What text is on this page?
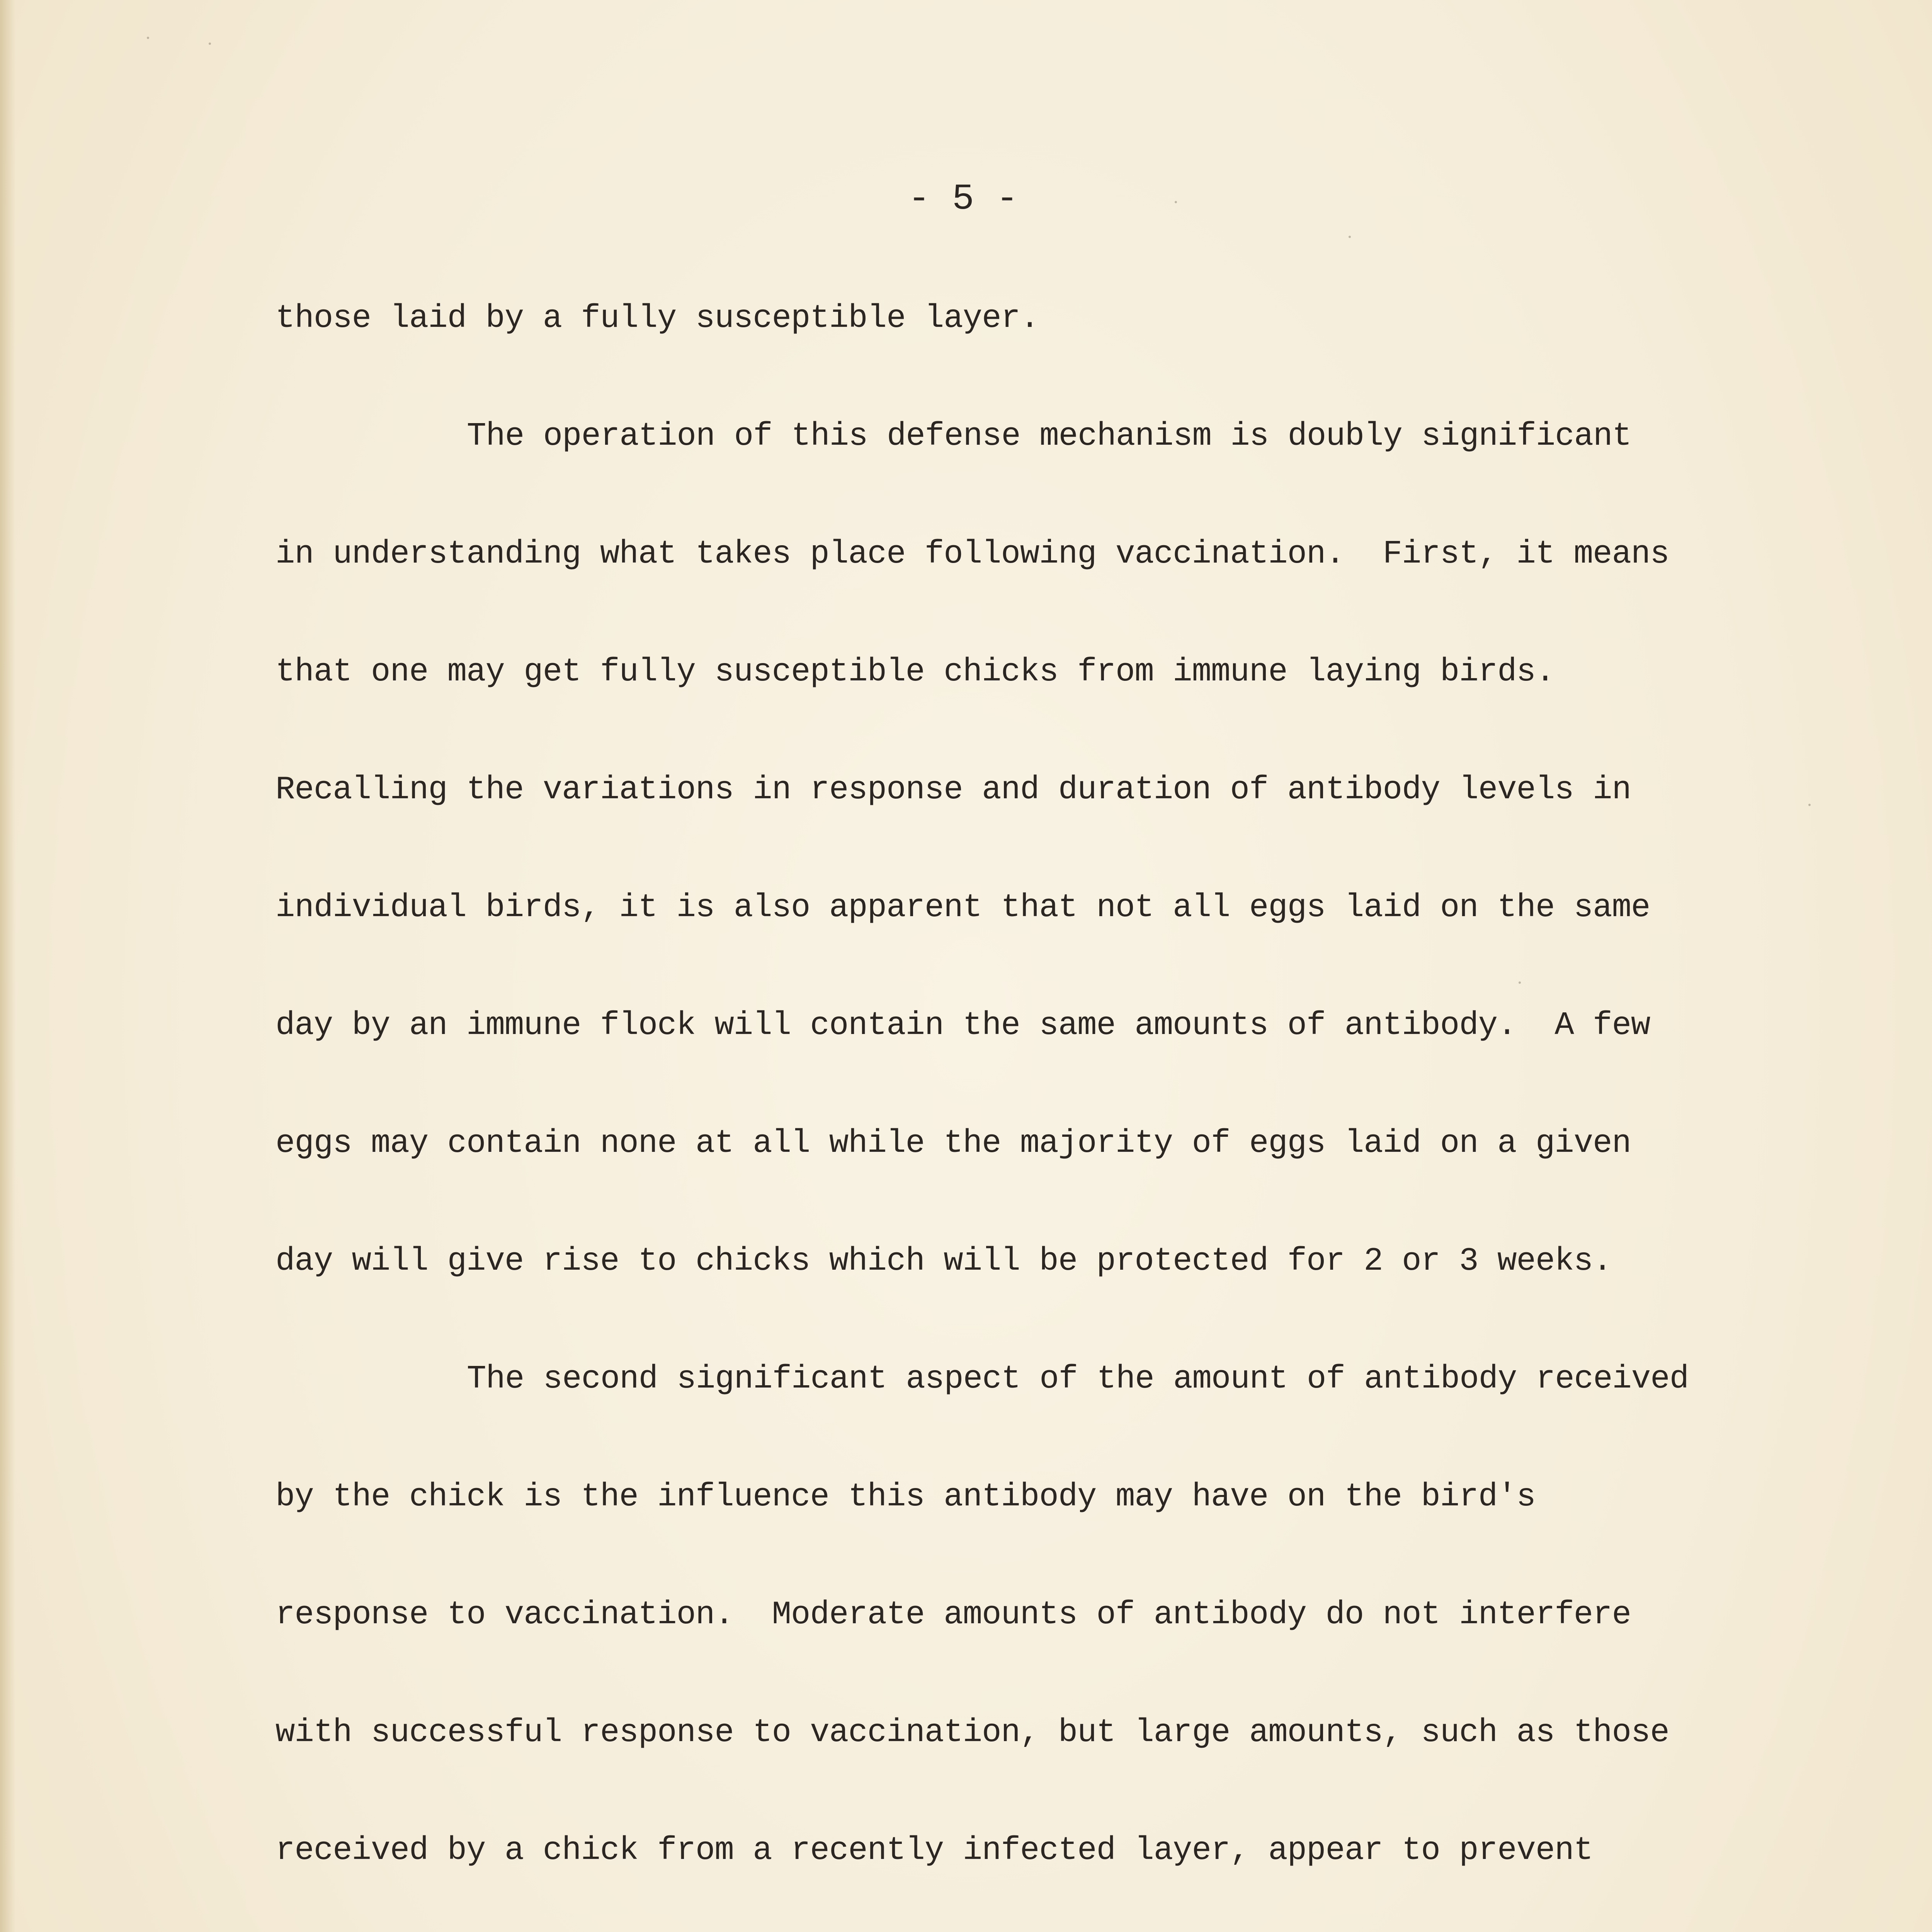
- 5 -
those laid by a fully susceptible layer.
The operation of this defense mechanism is doubly significant
in understanding what takes place following vaccination.  First, it means
that one may get fully susceptible chicks from immune laying birds.
Recalling the variations in response and duration of antibody levels in
individual birds, it is also apparent that not all eggs laid on the same
day by an immune flock will contain the same amounts of antibody.  A few
eggs may contain none at all while the majority of eggs laid on a given
day will give rise to chicks which will be protected for 2 or 3 weeks.
The second significant aspect of the amount of antibody received
by the chick is the influence this antibody may have on the bird's
response to vaccination.  Moderate amounts of antibody do not interfere
with successful response to vaccination, but large amounts, such as those
received by a chick from a recently infected layer, appear to prevent
